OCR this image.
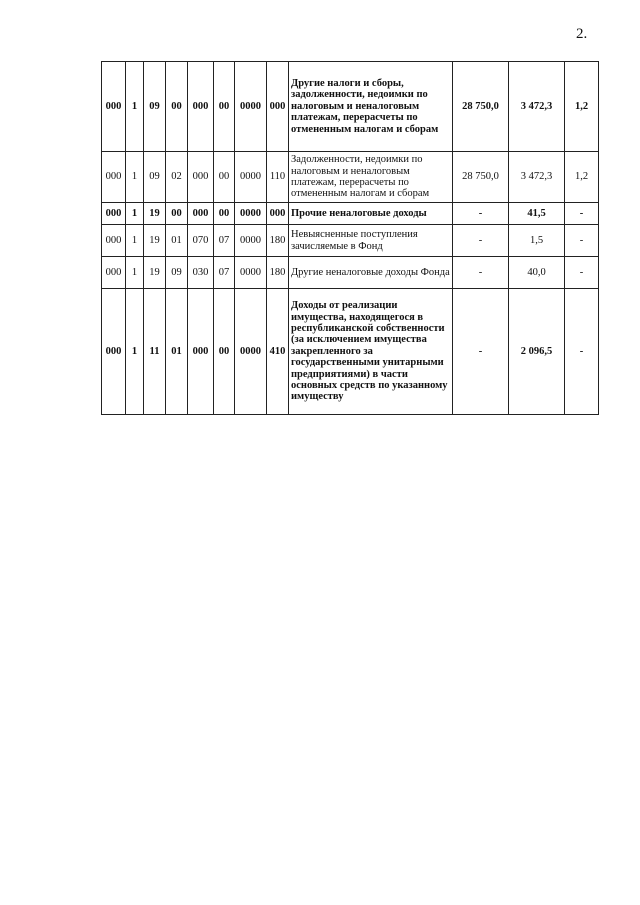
2.
000	1	09	00	000	00	0000	000	Другие налоги и сборы, задолженности, недоимки по налоговым и неналоговым платежам, перерасчеты по отмененным налогам и сборам	28 750,0	3 472,3	1,2
000	1	09	02	000	00	0000	110	Задолженности, недоимки по налоговым и неналоговым платежам, перерасчеты по отмененным налогам и сборам	28 750,0	3 472,3	1,2
000	1	19	00	000	00	0000	000	Прочие неналоговые доходы	-	41,5	-
000	1	19	01	070	07	0000	180	Невыясненные поступления зачисляемые в Фонд	-	1,5	-
000	1	19	09	030	07	0000	180	Другие неналоговые доходы Фонда	-	40,0	-
000	1	11	01	000	00	0000	410	Доходы от реализации имущества, находящегося в республиканской собственности (за исключением имущества закрепленного за государственными унитарными предприятиями) в части основных средств по указанному имуществу	-	2 096,5	-
